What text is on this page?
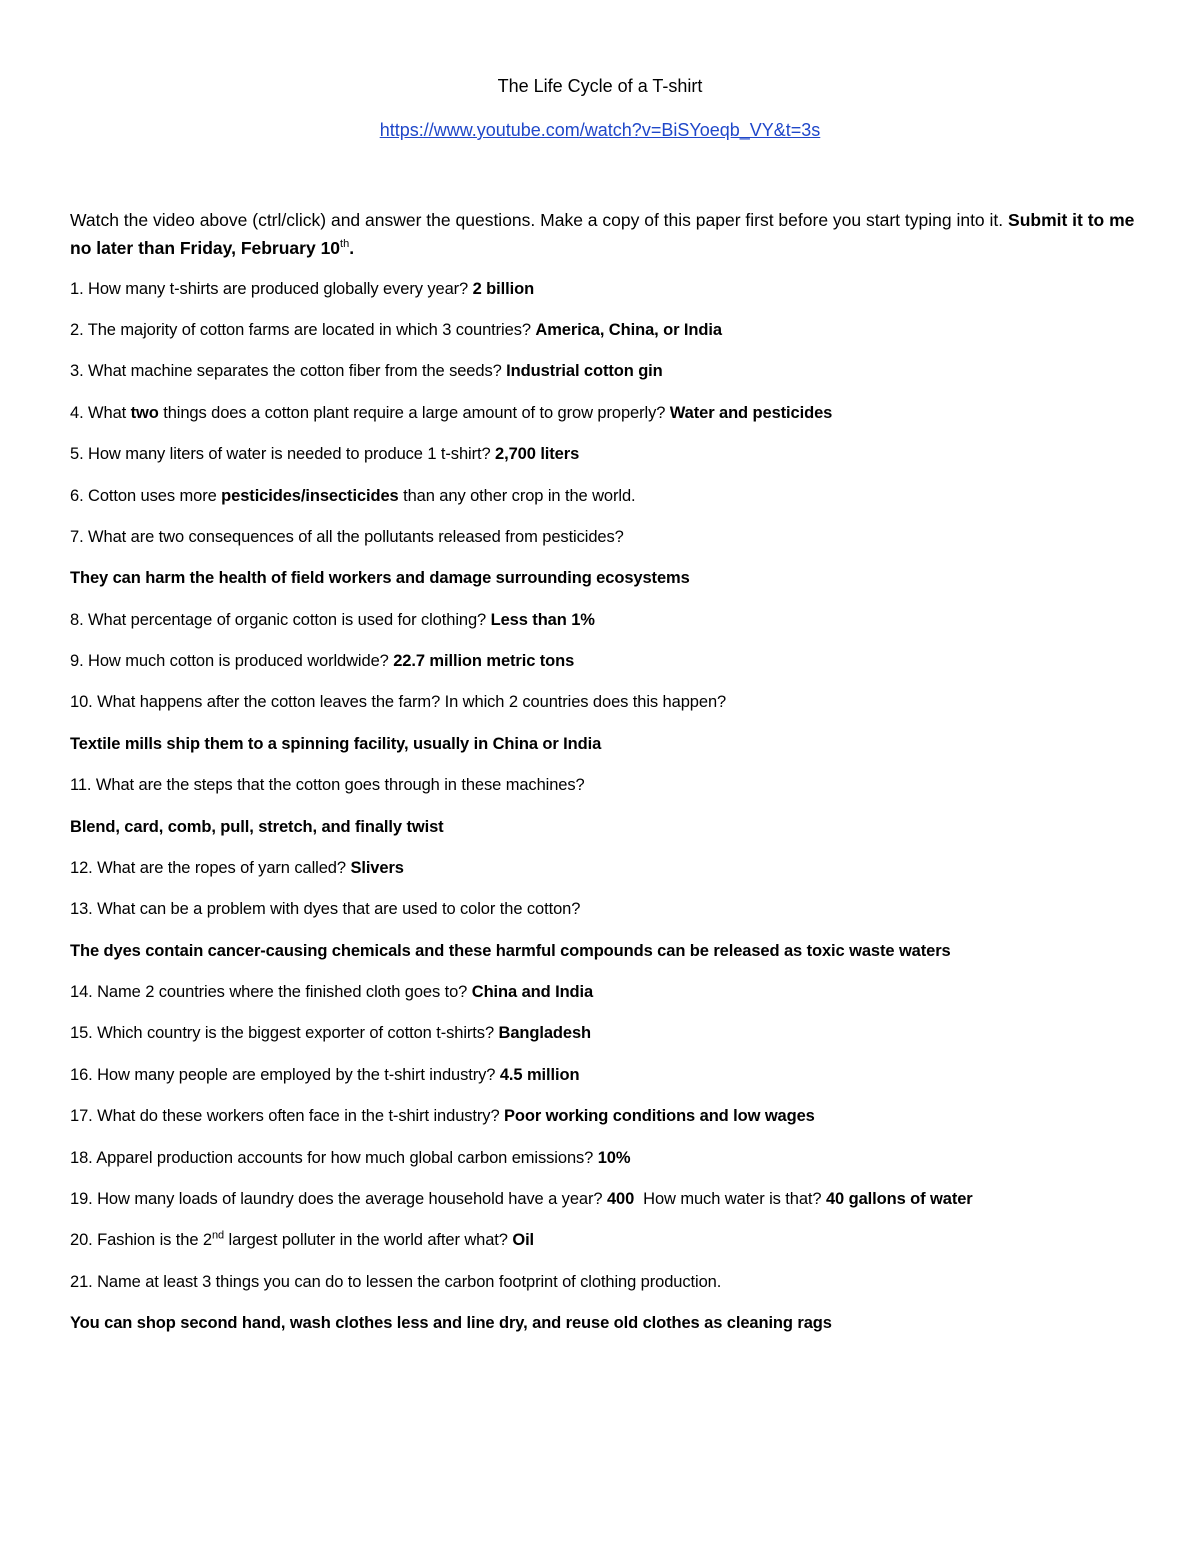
The Life Cycle of a T-shirt
https://www.youtube.com/watch?v=BiSYoeqb_VY&t=3s
Watch the video above (ctrl/click) and answer the questions. Make a copy of this paper first before you start typing into it. Submit it to me no later than Friday, February 10th.
1. How many t-shirts are produced globally every year? 2 billion
2. The majority of cotton farms are located in which 3 countries? America, China, or India
3. What machine separates the cotton fiber from the seeds? Industrial cotton gin
4. What two things does a cotton plant require a large amount of to grow properly? Water and pesticides
5. How many liters of water is needed to produce 1 t-shirt? 2,700 liters
6. Cotton uses more pesticides/insecticides than any other crop in the world.
7. What are two consequences of all the pollutants released from pesticides?
They can harm the health of field workers and damage surrounding ecosystems
8. What percentage of organic cotton is used for clothing? Less than 1%
9. How much cotton is produced worldwide? 22.7 million metric tons
10. What happens after the cotton leaves the farm? In which 2 countries does this happen?
Textile mills ship them to a spinning facility, usually in China or India
11. What are the steps that the cotton goes through in these machines?
Blend, card, comb, pull, stretch, and finally twist
12. What are the ropes of yarn called? Slivers
13. What can be a problem with dyes that are used to color the cotton?
The dyes contain cancer-causing chemicals and these harmful compounds can be released as toxic waste waters
14. Name 2 countries where the finished cloth goes to? China and India
15. Which country is the biggest exporter of cotton t-shirts? Bangladesh
16. How many people are employed by the t-shirt industry? 4.5 million
17. What do these workers often face in the t-shirt industry? Poor working conditions and low wages
18. Apparel production accounts for how much global carbon emissions? 10%
19. How many loads of laundry does the average household have a year? 400 How much water is that? 40 gallons of water
20. Fashion is the 2nd largest polluter in the world after what? Oil
21. Name at least 3 things you can do to lessen the carbon footprint of clothing production.
You can shop second hand, wash clothes less and line dry, and reuse old clothes as cleaning rags
